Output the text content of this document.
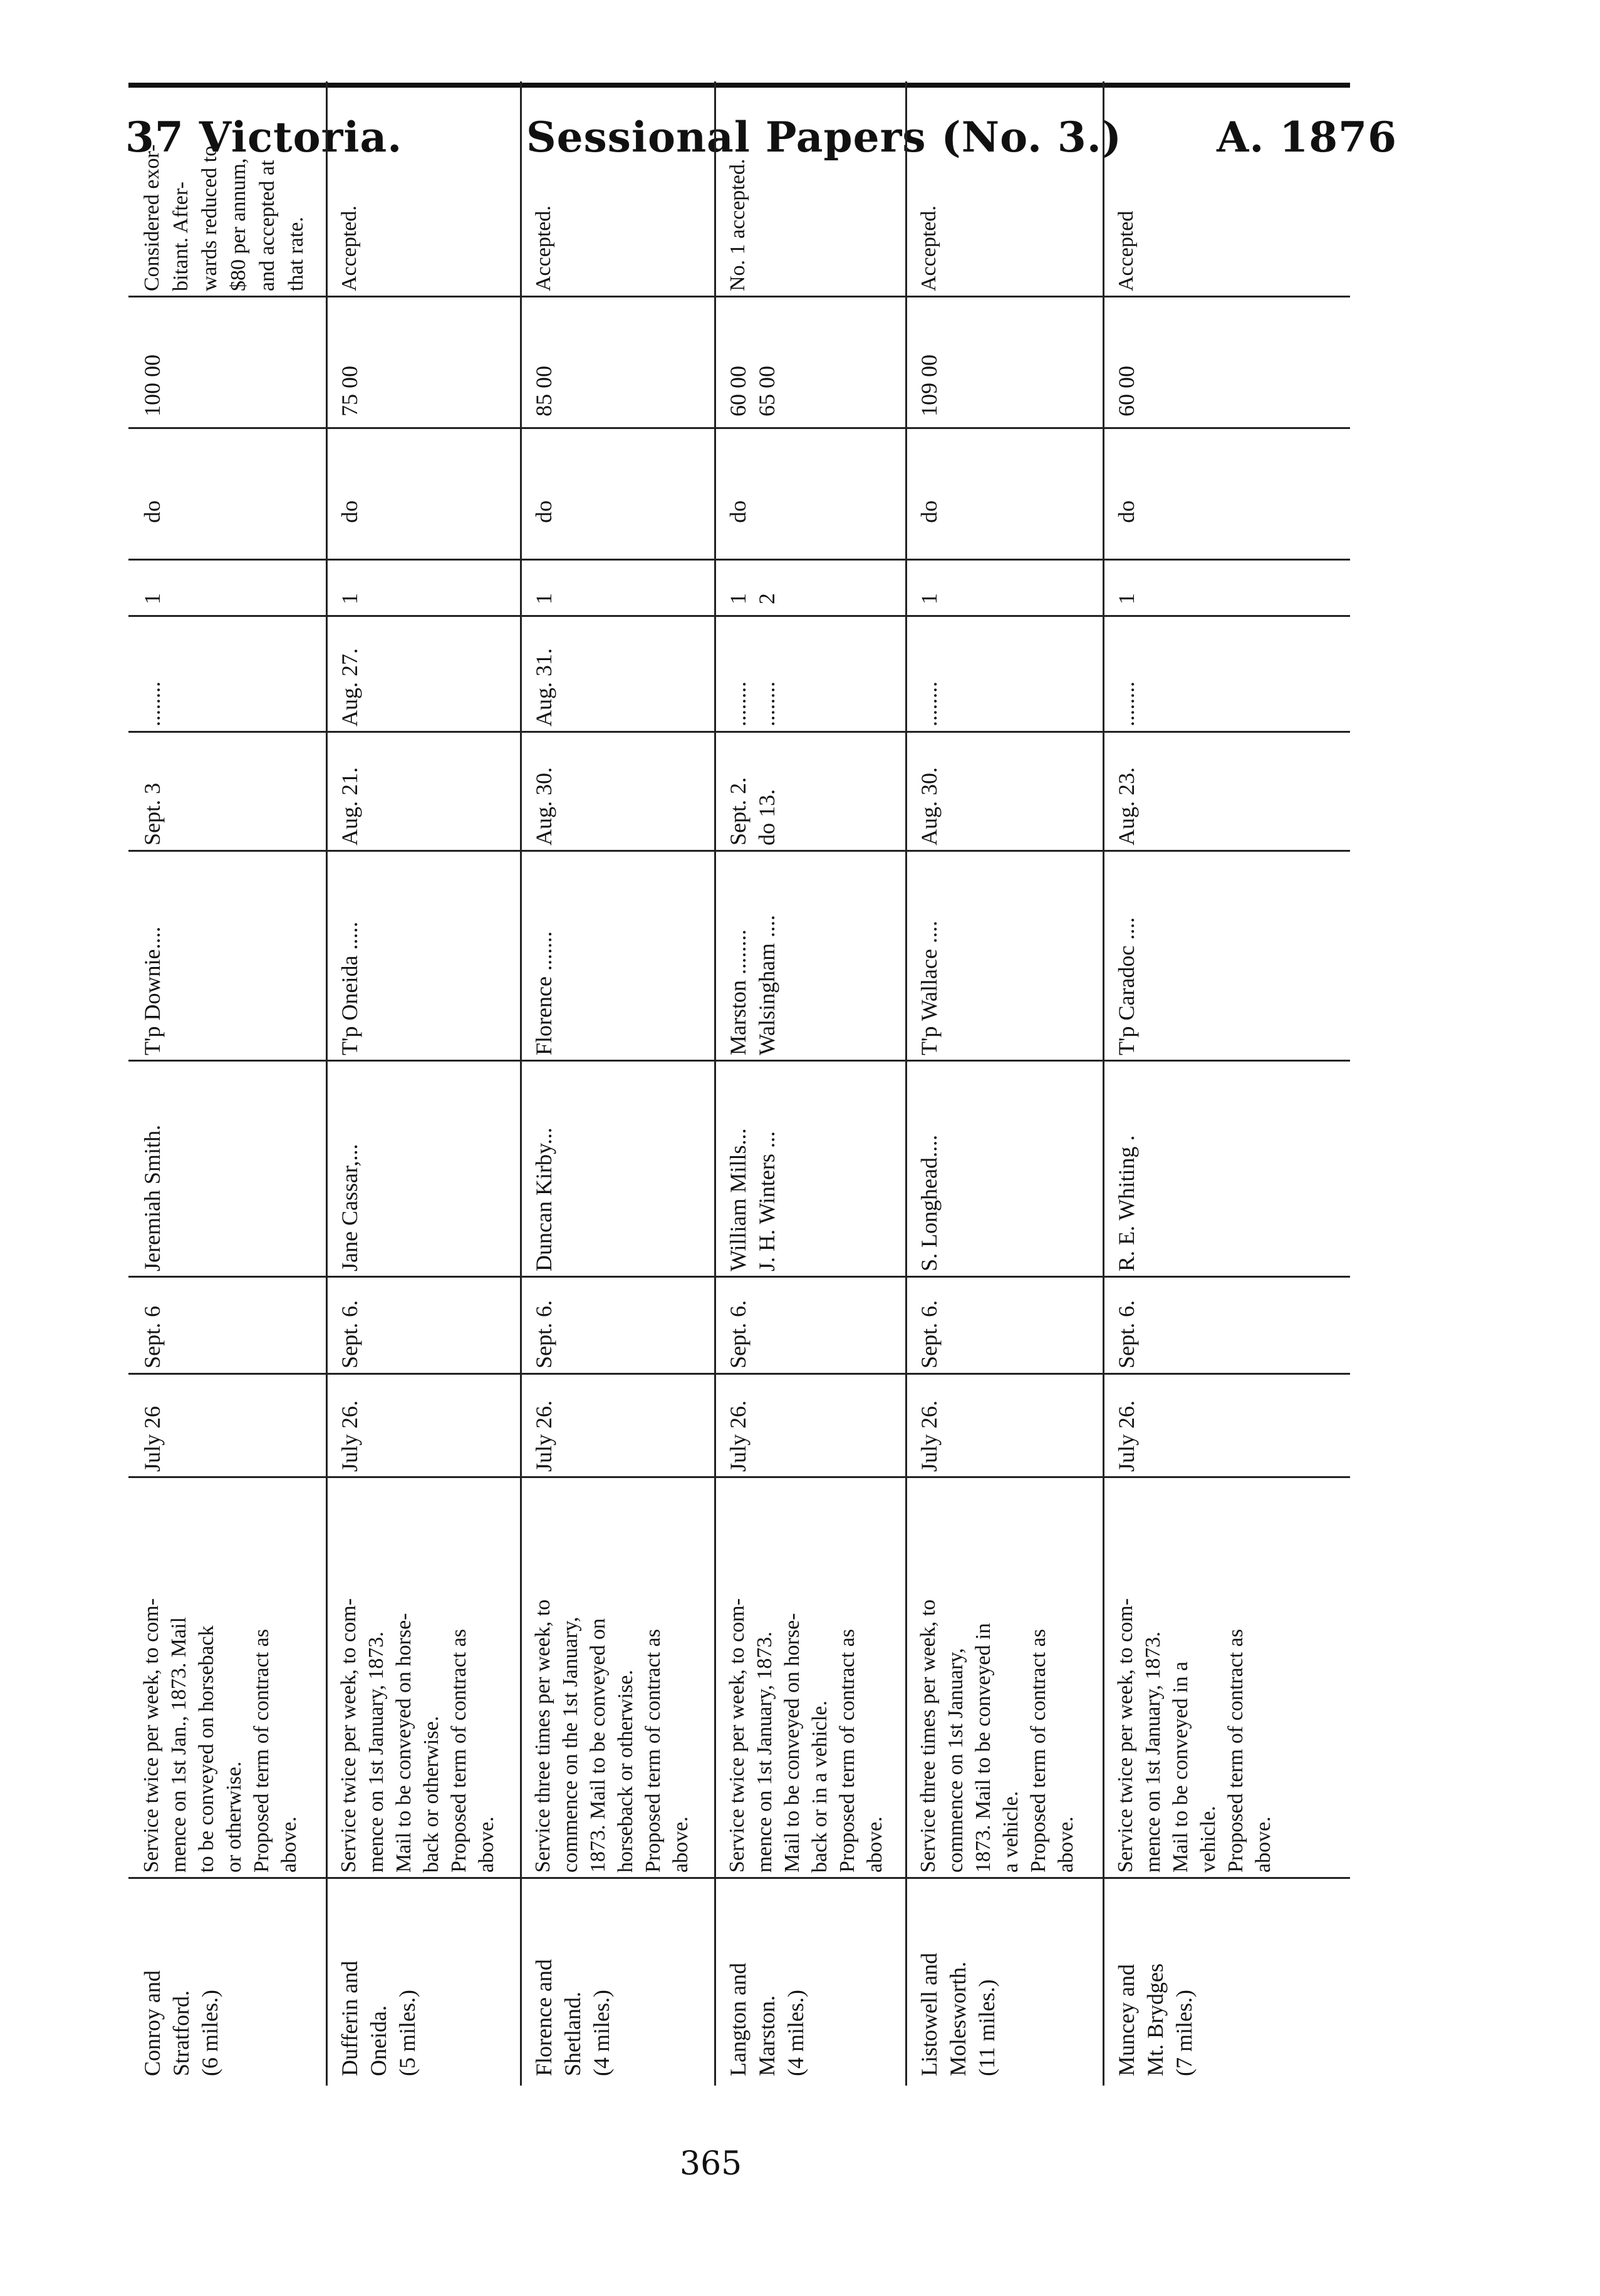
37 Victoria.	Sessional Papers (No. 3.) A. 1876
Conroy and Stratford. (6 miles.)
Service twice per week, to com- mence on 1st Jan., 1873. Mail to be conveyed on horseback or otherwise. Proposed term of contract as above.
July 26
Sept. 6
Jeremiah Smith.
T'p Downie....
Sept. 3
........
1
do
100 00
Considered exor- bitant. After- wards reduced to $80 per annum, and accepted at that rate.
Dufferin and Oneida. (5 miles.)
Service twice per week, to com- mence on 1st January, 1873. Mail to be conveyed on horse- back or otherwise. Proposed term of contract as above.
July 26.
Sept. 6.
Jane Cassar,...
T'p Oneida .....
Aug. 21.
Aug. 27.
1
do
75 00
Accepted.
Florence and Shetland. (4 miles.)
Service three times per week, to commence on the 1st January, 1873. Mail to be conveyed on horseback or otherwise. Proposed term of contract as above.
July 26.
Sept. 6.
Duncan Kirby...
Florence .......
Aug. 30.
Aug. 31.
1
do
85 00
Accepted.
Langton and Marston. (4 miles.)
Service twice per week, to com- mence on 1st January, 1873. Mail to be conveyed on horse- back or in a vehicle. Proposed term of contract as above.
July 26.
Sept. 6.
William Mills... J. H. Winters ...
Marston ........ Walsingham ....
Sept. 2. do 13.
........ ........
1 2
do
60 00 65 00
No. 1 accepted.
Listowell and Molesworth. (11 miles.)
Service three times per week, to commence on 1st January, 1873. Mail to be conveyed in a vehicle. Proposed term of contract as above.
July 26.
Sept. 6.
S. Longhead....
T'p Wallace ....
Aug. 30.
........
1
do
109 00
Accepted.
Muncey and Mt. Brydges (7 miles.)
Service twice per week, to com- mence on 1st January, 1873. Mail to be conveyed in a vehicle. Proposed term of contract as above.
July 26.
Sept. 6.
R. E. Whiting .
T'p Caradoc ....
Aug. 23.
........
1
do
60 00
Accepted
365
